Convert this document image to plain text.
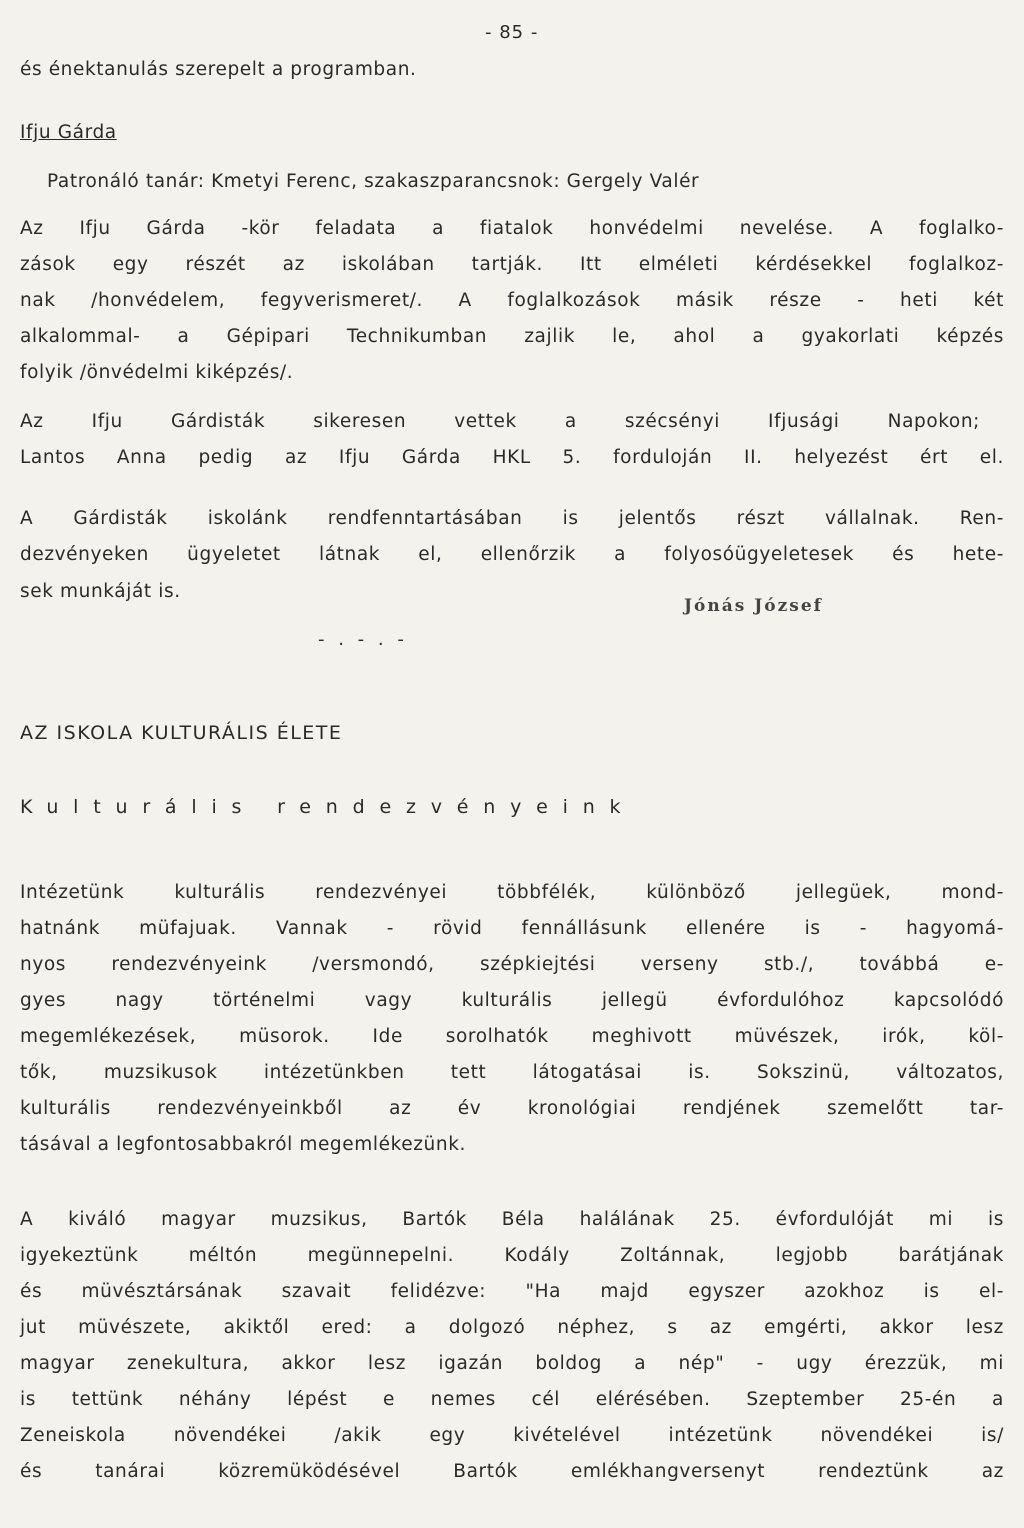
- 85 -
és énektanulás szerepelt a programban.
Ifju Gárda
Patronáló tanár: Kmetyi Ferenc, szakaszparancsnok: Gergely Valér
Az Ifju Gárda -kör feladata a fiatalok honvédelmi nevelése. A foglalko-
zások egy részét az iskolában tartják. Itt elméleti kérdésekkel foglalkoz-
nak /honvédelem, fegyverismeret/. A foglalkozások másik része - heti két
alkalommal- a Gépipari Technikumban zajlik le, ahol a gyakorlati képzés
folyik /önvédelmi kiképzés/.
Az Ifju Gárdisták sikeresen vettek a szécsényi Ifjusági Napokon;
Lantos Anna pedig az Ifju Gárda HKL 5. forduloján II. helyezést ért el.
A Gárdisták iskolánk rendfenntartásában is jelentős részt vállalnak. Ren-
dezvényeken ügyeletet látnak el, ellenőrzik a folyosóügyeletesek és hete-
sek munkáját is.
Jónás József
- . - . -
AZ ISKOLA KULTURÁLIS ÉLETE
Kulturális rendezvényeink
Intézetünk kulturális rendezvényei többfélék, különböző jellegüek, mond-
hatnánk müfajuak. Vannak - rövid fennállásunk ellenére is - hagyomá-
nyos rendezvényeink /versmondó, szépkiejtési verseny stb./, továbbá e-
gyes nagy történelmi vagy kulturális jellegü évfordulóhoz kapcsolódó
megemlékezések, müsorok. Ide sorolhatók meghivott müvészek, irók, köl-
tők, muzsikusok intézetünkben tett látogatásai is. Sokszinü, változatos,
kulturális rendezvényeinkből az év kronológiai rendjének szemelőtt tar-
tásával a legfontosabbakról megemlékezünk.
A kiváló magyar muzsikus, Bartók Béla halálának 25. évfordulóját mi is
igyekeztünk méltón megünnepelni. Kodály Zoltánnak, legjobb barátjának
és müvésztársának szavait felidézve: "Ha majd egyszer azokhoz is el-
jut müvészete, akiktől ered: a dolgozó néphez, s az emgérti, akkor lesz
magyar zenekultura, akkor lesz igazán boldog a nép" - ugy érezzük, mi
is tettünk néhány lépést e nemes cél elérésében. Szeptember 25-én a
Zeneiskola növendékei /akik egy kivételével intézetünk növendékei is/
és tanárai közremüködésével Bartók emlékhangversenyt rendeztünk az
